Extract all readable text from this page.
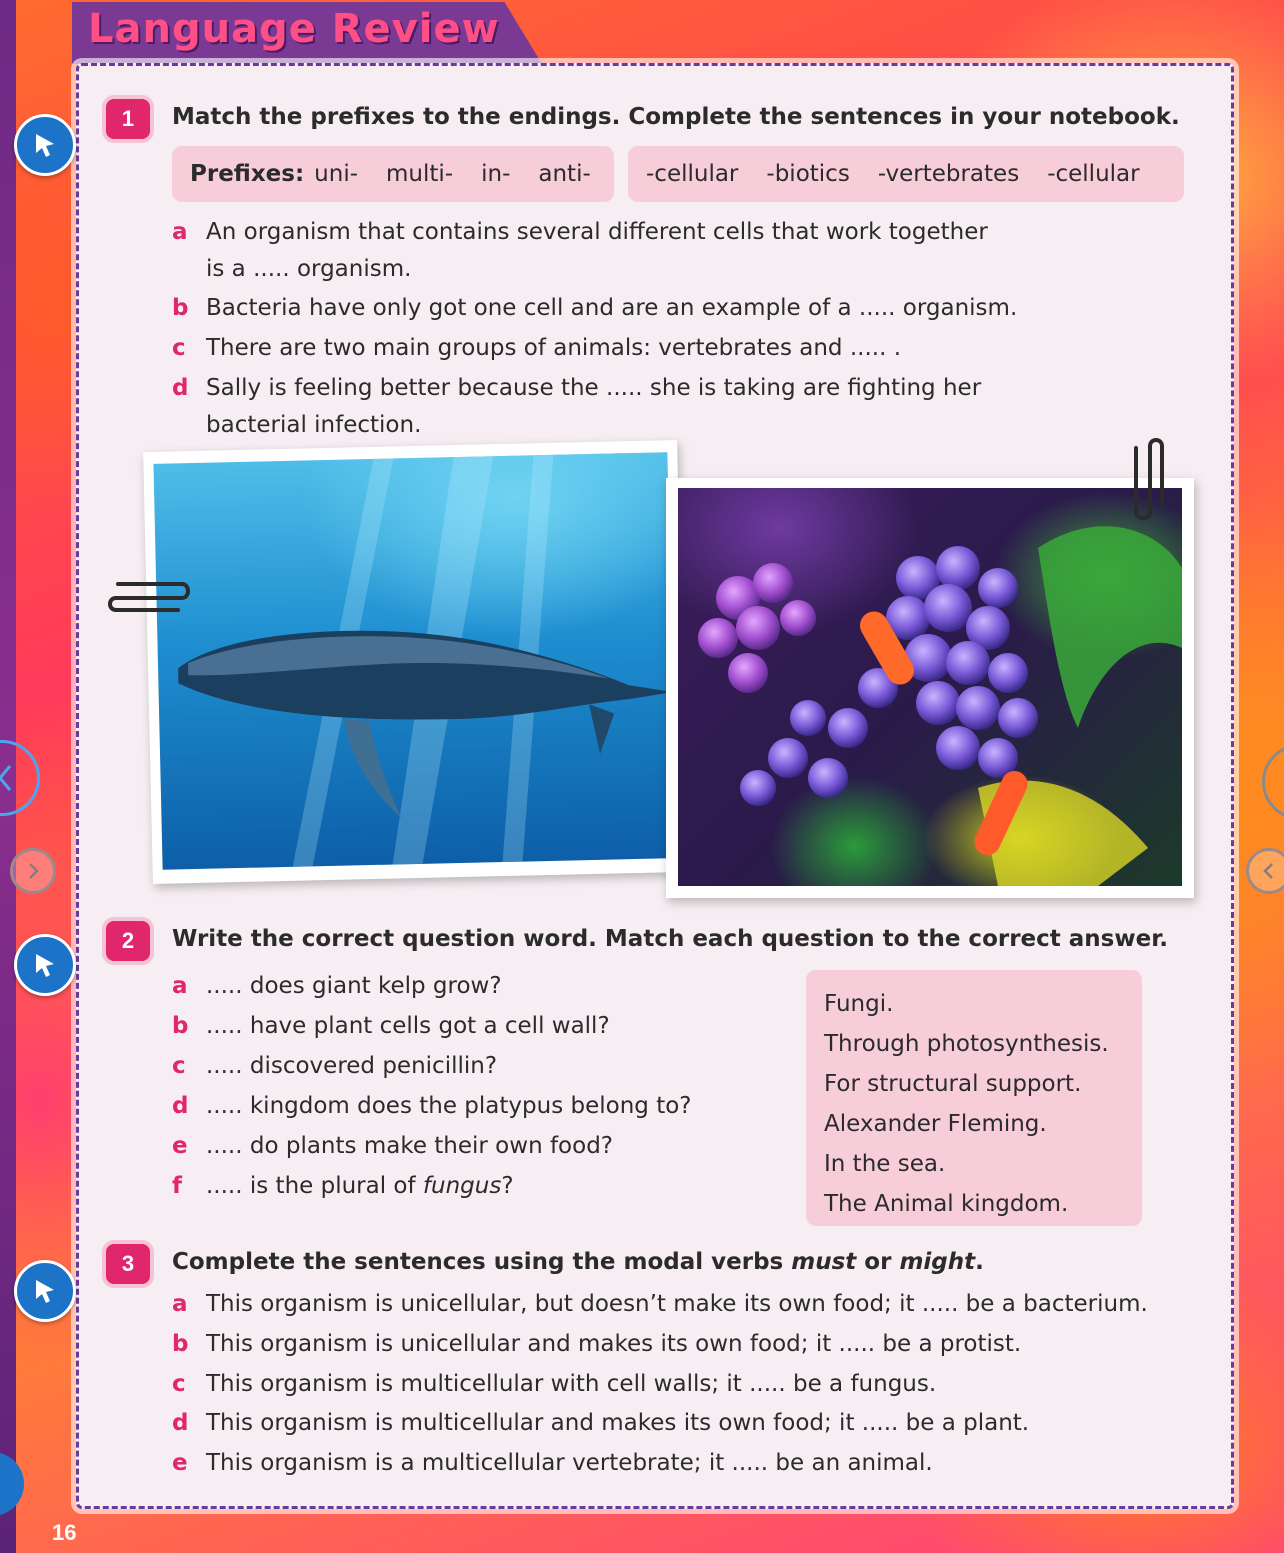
Language Review
1	Match the prefixes to the endings. Complete the sentences in your notebook.
Prefixes: uni- multi- in- anti- -cellular -biotics -vertebrates -cellular
a An organism that contains several different cells that work together
is a ..... organism.
b Bacteria have only got one cell and are an example of a ..... organism.
c There are two main groups of animals: vertebrates and ..... .
d Sally is feeling better because the ..... she is taking are fighting her
bacterial infection.
2	Write the correct question word. Match each question to the correct answer.
a ..... does giant kelp grow?
b ..... have plant cells got a cell wall?
c ..... discovered penicillin?
d ..... kingdom does the platypus belong to?
e ..... do plants make their own food?
f ..... is the plural of fungus?
Fungi.
Through photosynthesis.
For structural support.
Alexander Fleming.
In the sea.
The Animal kingdom.
3	Complete the sentences using the modal verbs must or might.
a This organism is unicellular, but doesn’t make its own food; it ..... be a bacterium.
b This organism is unicellular and makes its own food; it ..... be a protist.
c This organism is multicellular with cell walls; it ..... be a fungus.
d This organism is multicellular and makes its own food; it ..... be a plant.
e This organism is a multicellular vertebrate; it ..... be an animal.
16
